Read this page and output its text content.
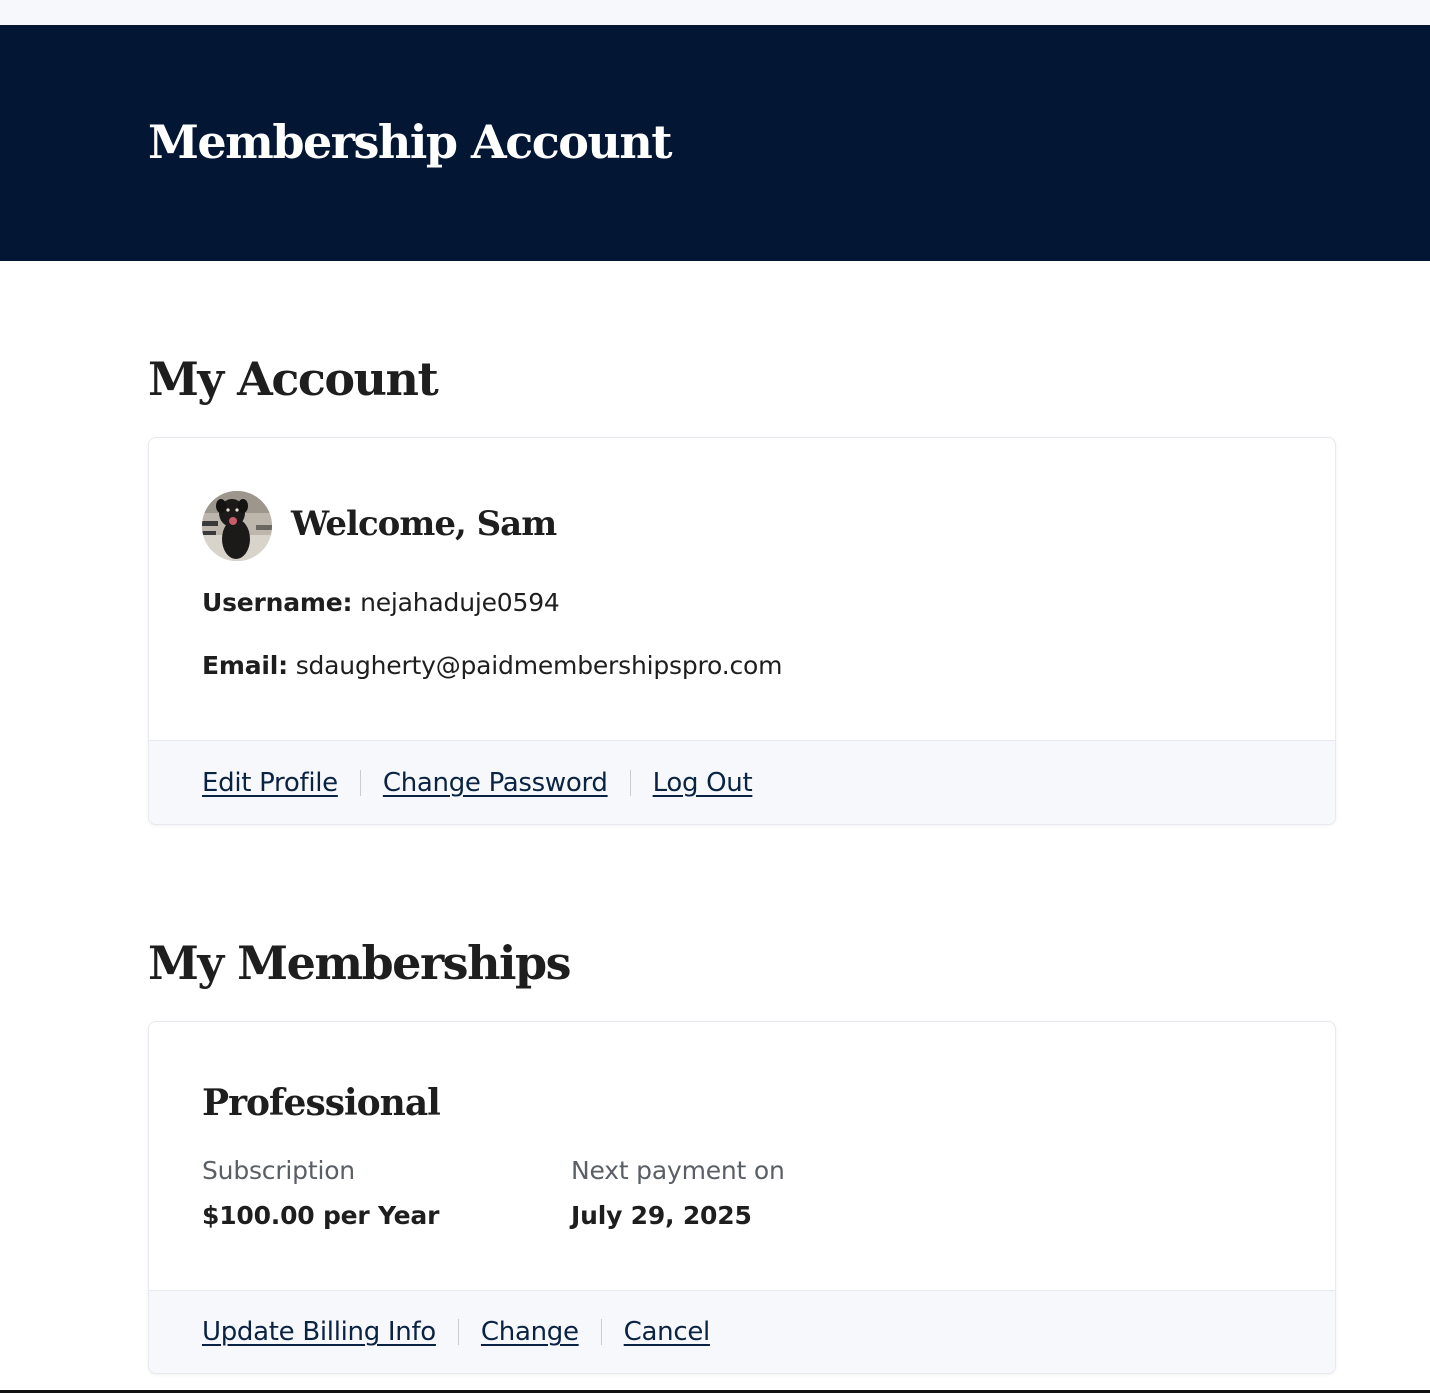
Membership Account
My Account
Welcome, Sam
Username: nejahaduje0594
Email: sdaugherty@paidmembershipspro.com
Edit Profile Change Password Log Out
My Memberships
Professional
Subscription
$100.00 per Year
Next payment on
July 29, 2025
Update Billing Info Change Cancel
